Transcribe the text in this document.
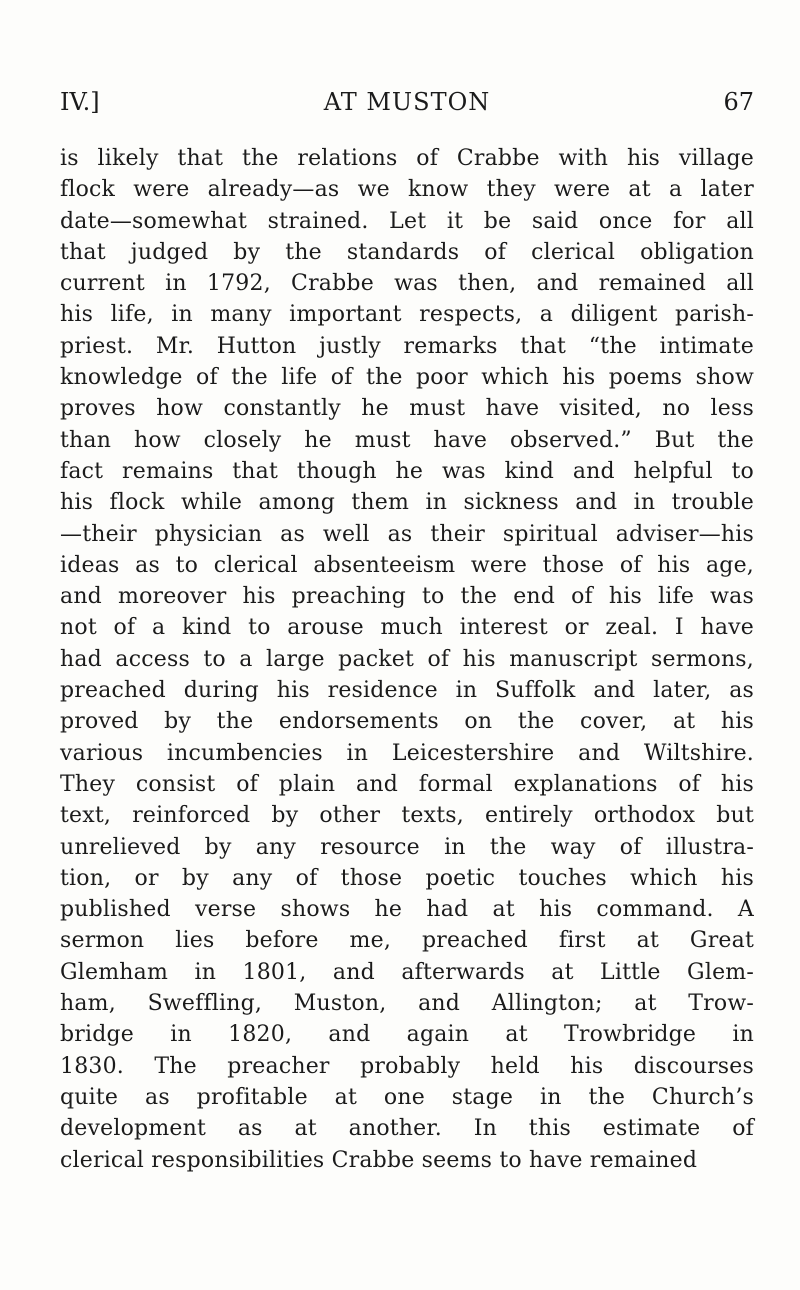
IV.]	AT MUSTON	67
is likely that the relations of Crabbe with his village
flock were already—as we know they were at a later
date—somewhat strained. Let it be said once for all
that judged by the standards of clerical obligation
current in 1792, Crabbe was then, and remained all
his life, in many important respects, a diligent parish-
priest. Mr. Hutton justly remarks that “the intimate
knowledge of the life of the poor which his poems show
proves how constantly he must have visited, no less
than how closely he must have observed.” But the
fact remains that though he was kind and helpful to
his flock while among them in sickness and in trouble
—their physician as well as their spiritual adviser—his
ideas as to clerical absenteeism were those of his age,
and moreover his preaching to the end of his life was
not of a kind to arouse much interest or zeal. I have
had access to a large packet of his manuscript sermons,
preached during his residence in Suffolk and later, as
proved by the endorsements on the cover, at his
various incumbencies in Leicestershire and Wiltshire.
They consist of plain and formal explanations of his
text, reinforced by other texts, entirely orthodox but
unrelieved by any resource in the way of illustra-
tion, or by any of those poetic touches which his
published verse shows he had at his command. A
sermon lies before me, preached first at Great
Glemham in 1801, and afterwards at Little Glem-
ham, Sweffling, Muston, and Allington; at Trow-
bridge in 1820, and again at Trowbridge in
1830. The preacher probably held his discourses
quite as profitable at one stage in the Church’s
development as at another. In this estimate of
clerical responsibilities Crabbe seems to have remained
